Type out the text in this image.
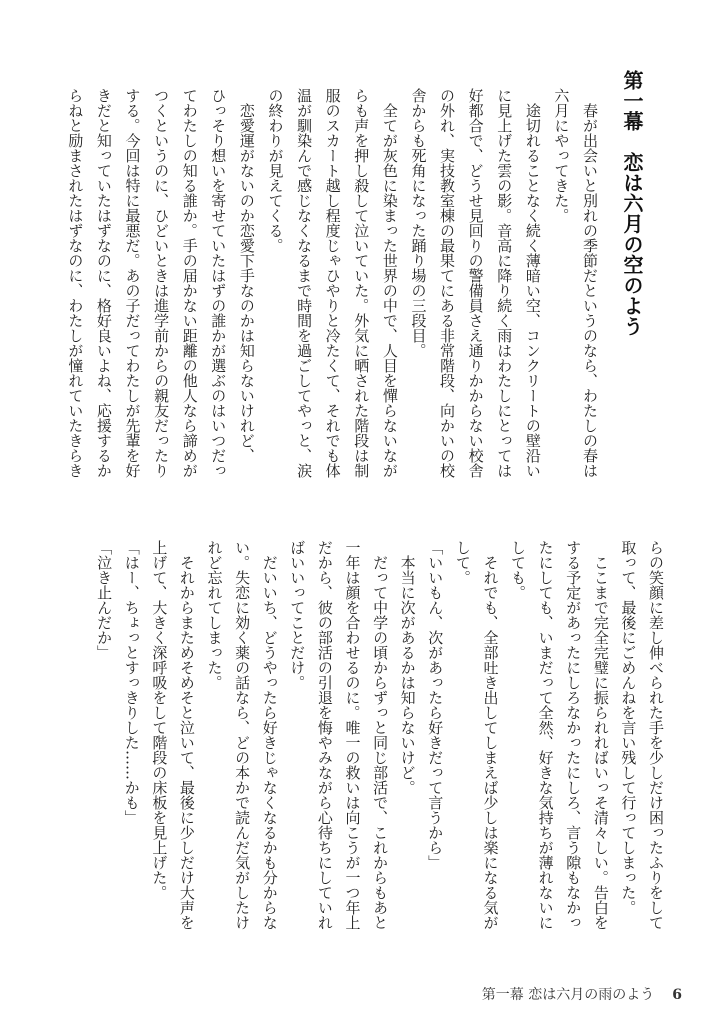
第一幕　恋は六月の空のよう
　春が出会いと別れの季節だというのなら、わたしの春は
六月にやってきた。
　途切れることなく続く薄暗い空、コンクリートの壁沿い
に見上げた雲の影。音高に降り続く雨はわたしにとっては
好都合で、どうせ見回りの警備員さえ通りかからない校舎
の外れ、実技教室棟の最果てにある非常階段、向かいの校
舎からも死角になった踊り場の三段目。
　全てが灰色に染まった世界の中で、人目を憚らないなが
らも声を押し殺して泣いていた。外気に晒された階段は制
服のスカート越し程度じゃひやりと冷たくて、それでも体
温が馴染んで感じなくなるまで時間を過ごしてやっと、涙
の終わりが見えてくる。
　恋愛運がないのか恋愛下手なのかは知らないけれど、
ひっそり想いを寄せていたはずの誰かが選ぶのはいつだっ
てわたしの知る誰か。手の届かない距離の他人なら諦めが
つくというのに、ひどいときは進学前からの親友だったり
する。今回は特に最悪だ。あの子だってわたしが先輩を好
きだと知っていたはずなのに、格好良いよね、応援するか
らねと励まされたはずなのに、わたしが憧れていたきらき
らの笑顔に差し伸べられた手を少しだけ困ったふりをして
取って、最後にごめんねを言い残して行ってしまった。
　ここまで完全完璧に振られればいっそ清々しい。告白を
する予定があったにしろなかったにしろ、言う隙もなかっ
たにしても、いまだって全然、好きな気持ちが薄れないに
しても。
　それでも、全部吐き出してしまえば少しは楽になる気が
して。
「いいもん、次があったら好きだって言うから」
　本当に次があるかは知らないけど。
　だって中学の頃からずっと同じ部活で、これからもあと
一年は顔を合わせるのに。唯一の救いは向こうが一つ年上
だから、彼の部活の引退を悔やみながら心待ちにしていれ
ばいいってことだけ。
　だいいち、どうやったら好きじゃなくなるかも分からな
い。失恋に効く薬の話なら、どの本かで読んだ気がしたけ
れど忘れてしまった。
　それからまためそめそと泣いて、最後に少しだけ大声を
上げて、大きく深呼吸をして階段の床板を見上げた。
「はー、ちょっとすっきりした……かも」
「泣き止んだか」

第一幕 恋は六月の雨のよう 6
